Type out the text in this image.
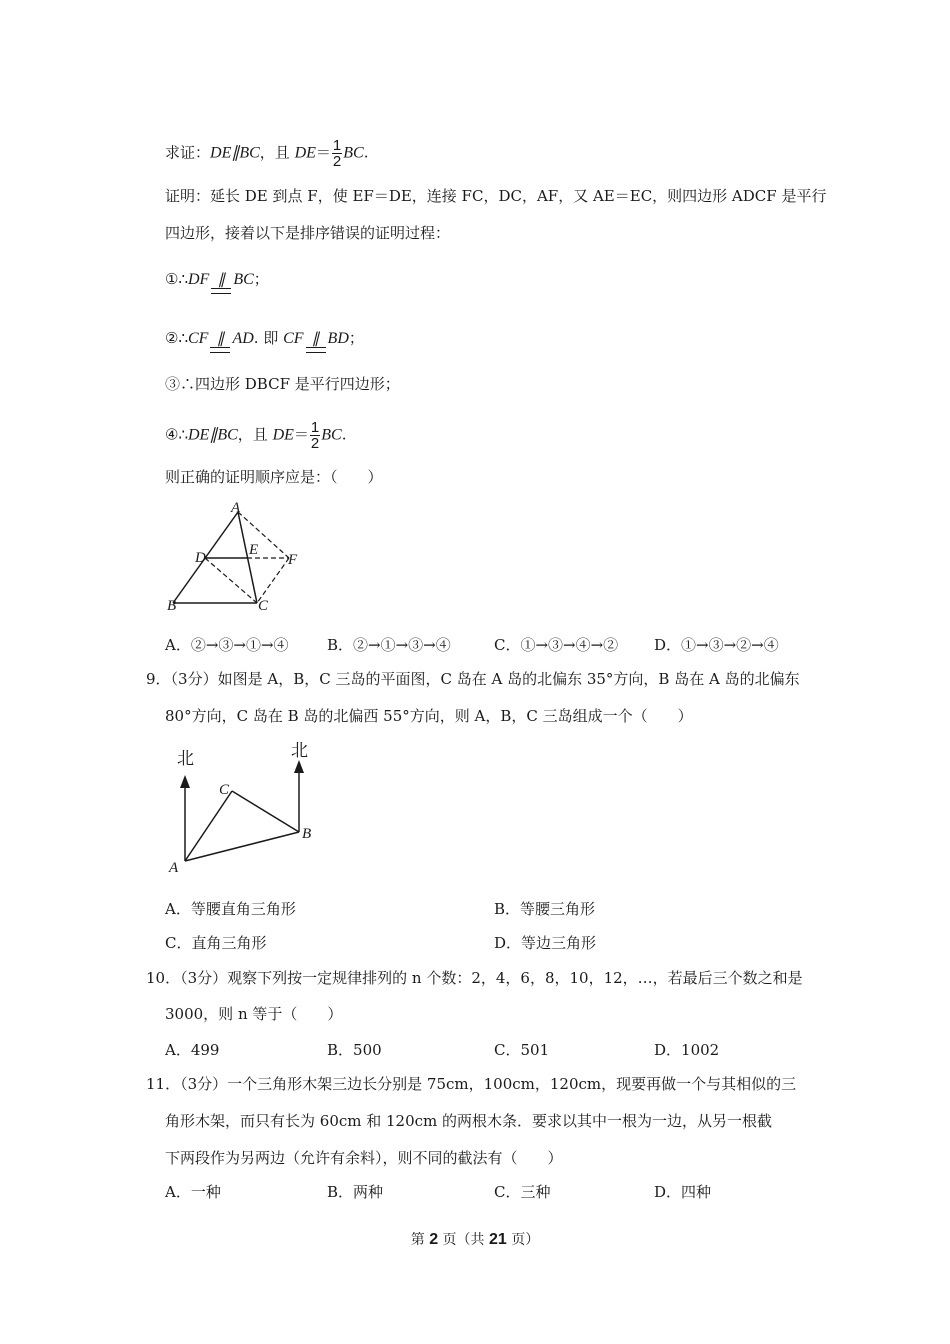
求证：DE∥BC，且 $DE= \frac{1}{2}$ BC.
证明：延长 DE 到点 F，使 EF＝DE，连接 FC，DC，AF，又 AE＝EC，则四边形 ADCF 是平行
四边形，接着以下是排序错误的证明过程：
①∴DF ∥ BC；
②∴CF ∥ AD. 即 CF ∥ BD；
③∴四边形 DBCF 是平行四边形；
④∴DE∥BC，且 $DE= \frac{1}{2}$ BC.
则正确的证明顺序应是：（　　）
A
D	E
F
B	C
A．②→③→①→④	B．②→①→③→④	C．①→③→④→② D．①→③→②→④
9．（3分）如图是 A，B，C 三岛的平面图，C 岛在 A 岛的北偏东 35°方向，B 岛在 A 岛的北偏东
80°方向，C 岛在 B 岛的北偏西 55°方向，则 A，B，C 三岛组成一个（　　）
北	北
C
B
A
A．等腰直角三角形	B．等腰三角形
C．直角三角形	D．等边三角形
10．（3分）观察下列按一定规律排列的 n 个数：2，4，6，8，10，12，…，若最后三个数之和是
3000，则 n 等于（　　）
A．499	B．500	C．501	D．1002
11．（3分）一个三角形木架三边长分别是 75cm，100cm，120cm，现要再做一个与其相似的三
角形木架，而只有长为 60cm 和 120cm 的两根木条．要求以其中一根为一边，从另一根截
下两段作为另两边（允许有余料），则不同的截法有（　　）
A．一种	B．两种	C．三种	D．四种
第 2 页（共 21 页）
